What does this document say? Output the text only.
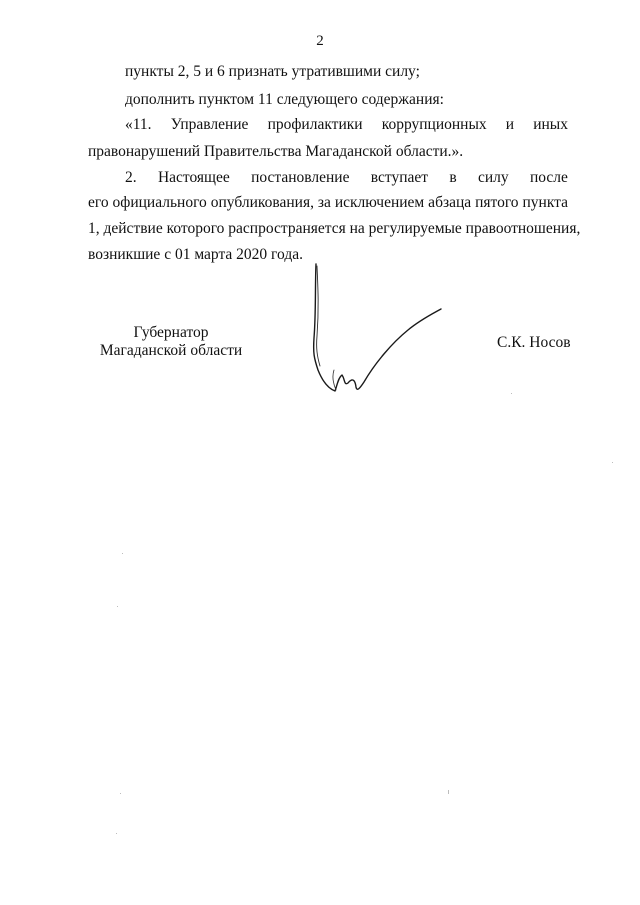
2
пункты 2, 5 и 6 признать утратившими силу;
дополнить пунктом 11 следующего содержания:
«11. Управление профилактики коррупционных и иных
правонарушений Правительства Магаданской области.».
2. Настоящее постановление вступает в силу после
его официального опубликования, за исключением абзаца пятого пункта
1, действие которого распространяется на регулируемые правоотношения,
возникшие с 01 марта 2020 года.
Губернатор
Магаданской области	С.К. Носов
